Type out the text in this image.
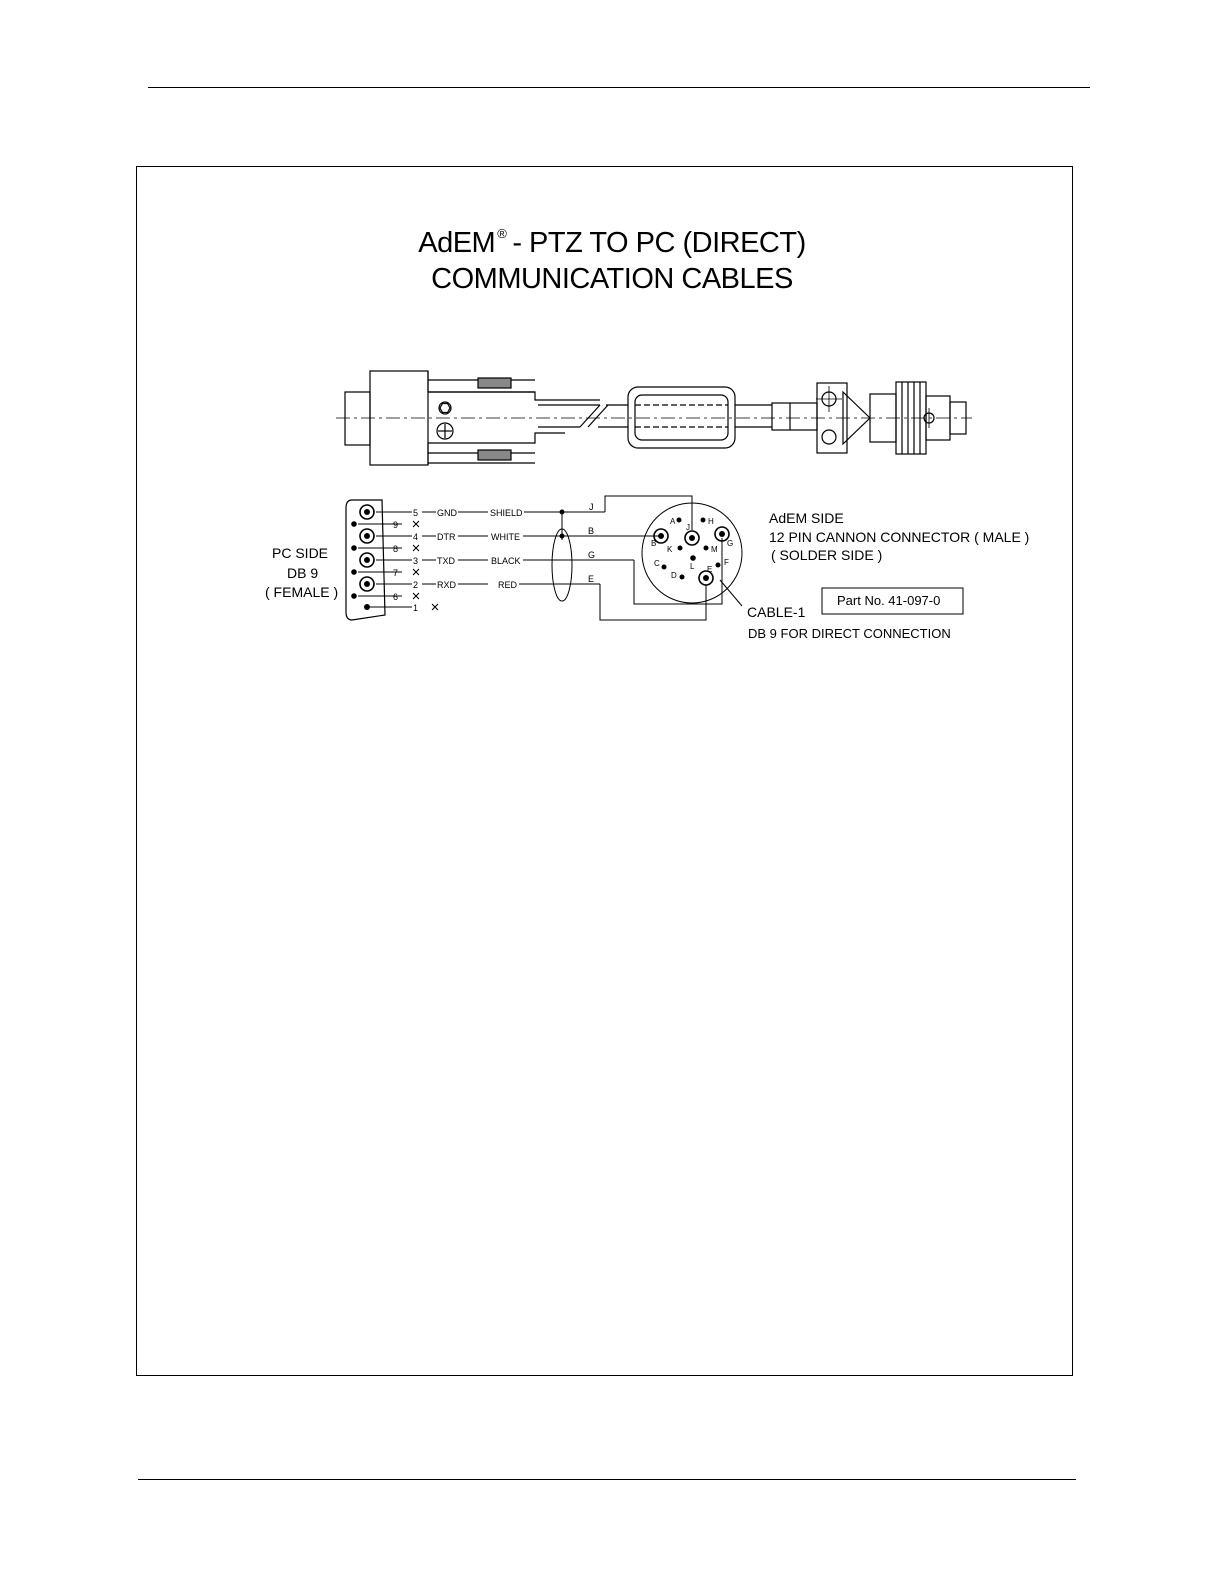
AdEM ® - PTZ TO PC (DIRECT)
COMMUNICATION CABLES
5
9
4
8
3
7
2
6
1
GND
DTR
TXD
RXD
SHIELD
WHITE
BLACK
RED
J
B
G
E
A
J
H
B	G
K	M
C	L	F
D
E
PC SIDE
DB 9
( FEMALE )
AdEM SIDE
12 PIN CANNON CONNECTOR ( MALE )
( SOLDER SIDE )
Part No. 41-097-0
CABLE-1
DB 9 FOR DIRECT CONNECTION
